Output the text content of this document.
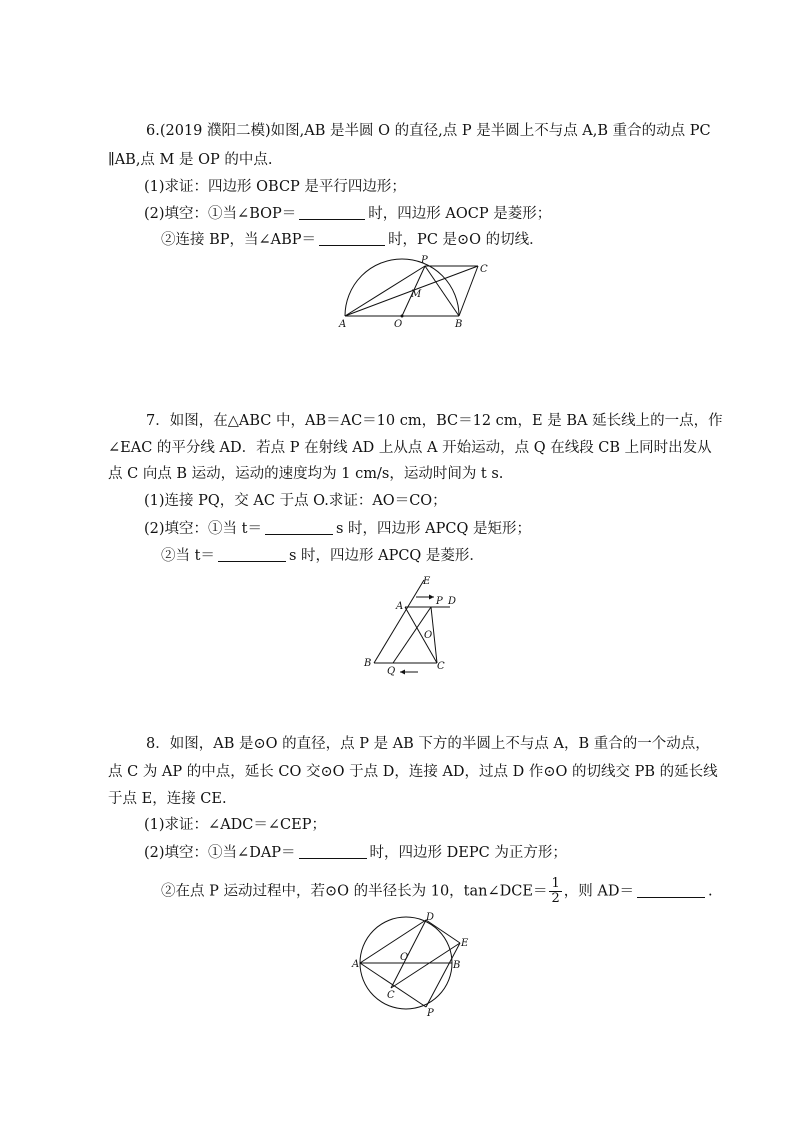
6.(2019 濮阳二模)如图,AB 是半圆 O 的直径,点 P 是半圆上不与点 A,B 重合的动点 PC
∥AB,点 M 是 OP 的中点.
(1)求证：四边形 OBCP 是平行四边形；
(2)填空：①当∠BOP＝	时，四边形 AOCP 是菱形；
②连接 BP，当∠ABP＝	时，PC 是⊙O 的切线．
A	O	B
P
C
M
7．如图，在△ABC 中，AB＝AC＝10 cm，BC＝12 cm，E 是 BA 延长线上的一点，作
∠EAC 的平分线 AD．若点 P 在射线 AD 上从点 A 开始运动，点 Q 在线段 CB 上同时出发从
点 C 向点 B 运动，运动的速度均为 1 cm/s，运动时间为 t s.
(1)连接 PQ，交 AC 于点 O.求证：AO＝CO；
(2)填空：①当 t＝	s 时，四边形 APCQ 是矩形；
②当 t＝	s 时，四边形 APCQ 是菱形．
E
A	P D
O
B
Q	C
8．如图，AB 是⊙O 的直径，点 P 是 AB 下方的半圆上不与点 A，B 重合的一个动点，
点 C 为 AP 的中点，延长 CO 交⊙O 于点 D，连接 AD，过点 D 作⊙O 的切线交 PB 的延长线
于点 E，连接 CE.
(1)求证：∠ADC＝∠CEP；
(2)填空：①当∠DAP＝	时，四边形 DEPC 为正方形；
②在点 P 运动过程中，若⊙O 的半径长为 10，tan∠DCE＝ $\frac{1}{2}$ ，则 AD＝	.
D
E
A
O
B
C
P
